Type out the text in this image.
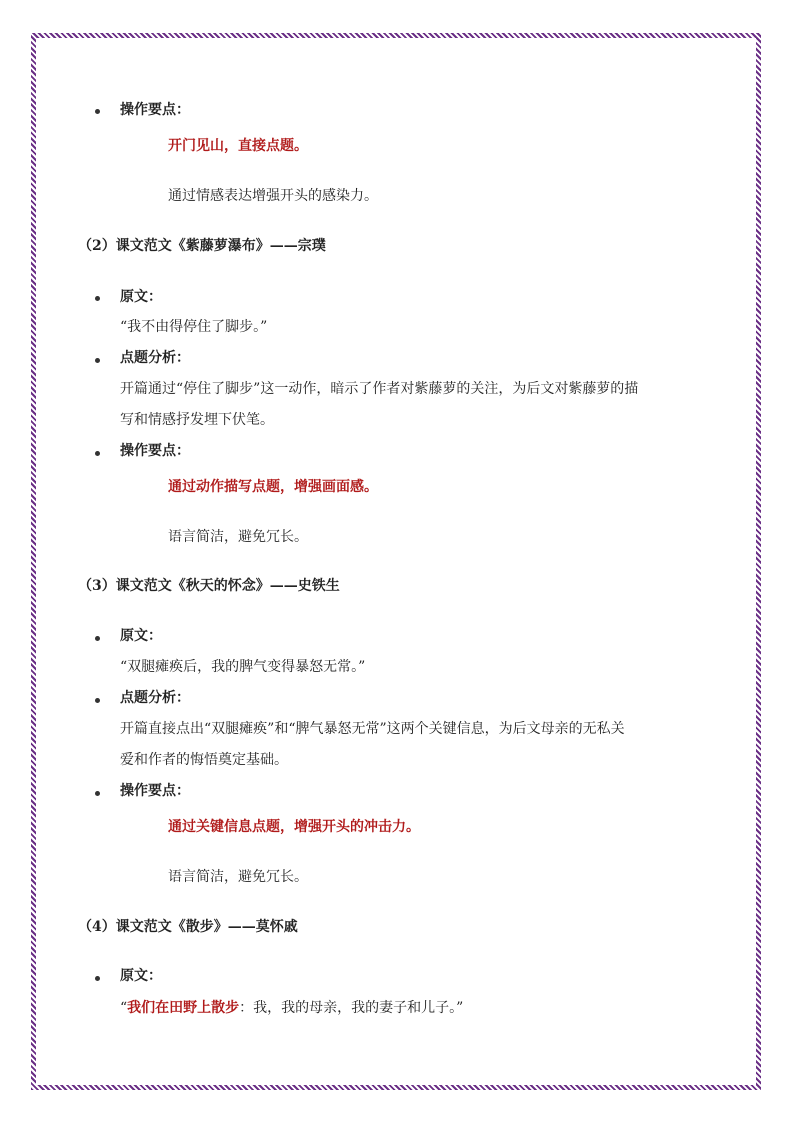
操作要点：
开门见山，直接点题。
通过情感表达增强开头的感染力。
（2）课文范文《紫藤萝瀑布》——宗璞
原文：
“我不由得停住了脚步。”
点题分析：
开篇通过“停住了脚步”这一动作，暗示了作者对紫藤萝的关注，为后文对紫藤萝的描
写和情感抒发埋下伏笔。
操作要点：
通过动作描写点题，增强画面感。
语言简洁，避免冗长。
（3）课文范文《秋天的怀念》——史铁生
原文：
“双腿瘫痪后，我的脾气变得暴怒无常。”
点题分析：
开篇直接点出“双腿瘫痪”和“脾气暴怒无常”这两个关键信息，为后文母亲的无私关
爱和作者的悔悟奠定基础。
操作要点：
通过关键信息点题，增强开头的冲击力。
语言简洁，避免冗长。
（4）课文范文《散步》——莫怀戚
原文：
“我们在田野上散步：我，我的母亲，我的妻子和儿子。”
